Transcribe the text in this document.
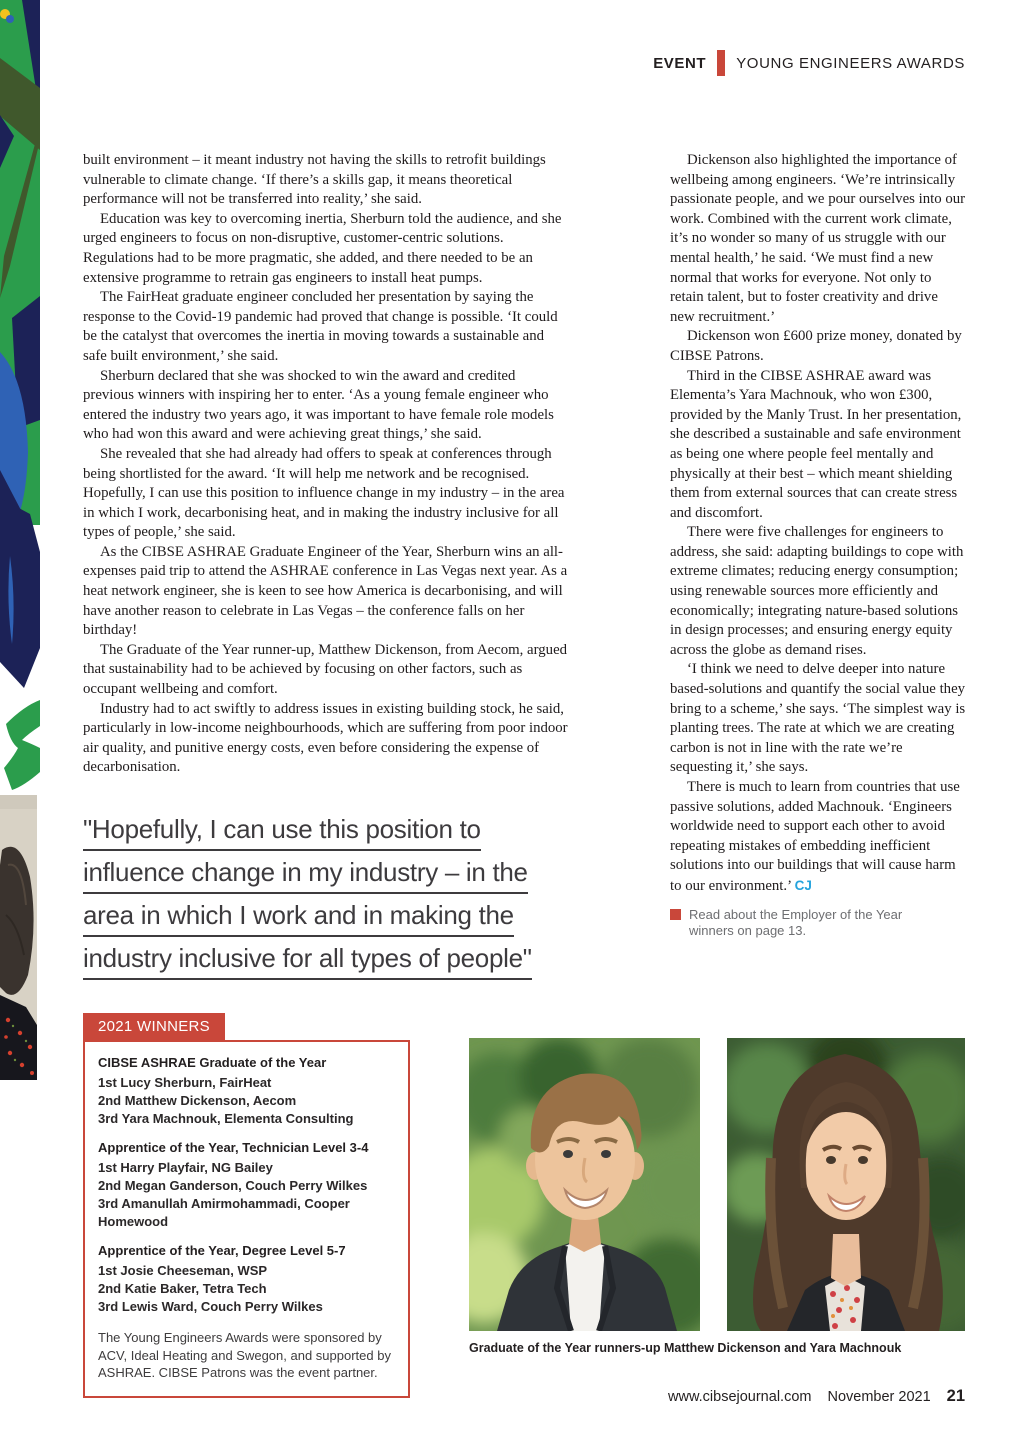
EVENT YOUNG ENGINEERS AWARDS

built environment – it meant industry not having the skills to retrofit buildings vulnerable to climate change. ‘If there’s a skills gap, it means theoretical performance will not be transferred into reality,’ she said.

Education was key to overcoming inertia, Sherburn told the audience, and she urged engineers to focus on non-disruptive, customer-centric solutions. Regulations had to be more pragmatic, she added, and there needed to be an extensive programme to retrain gas engineers to install heat pumps.

The FairHeat graduate engineer concluded her presentation by saying the response to the Covid-19 pandemic had proved that change is possible. ‘It could be the catalyst that overcomes the inertia in moving towards a sustainable and safe built environment,’ she said.

Sherburn declared that she was shocked to win the award and credited previous winners with inspiring her to enter. ‘As a young female engineer who entered the industry two years ago, it was important to have female role models who had won this award and were achieving great things,’ she said.

She revealed that she had already had offers to speak at conferences through being shortlisted for the award. ‘It will help me network and be recognised. Hopefully, I can use this position to influence change in my industry – in the area in which I work, decarbonising heat, and in making the industry inclusive for all types of people,’ she said.

As the CIBSE ASHRAE Graduate Engineer of the Year, Sherburn wins an all-expenses paid trip to attend the ASHRAE conference in Las Vegas next year. As a heat network engineer, she is keen to see how America is decarbonising, and will have another reason to celebrate in Las Vegas – the conference falls on her birthday!

The Graduate of the Year runner-up, Matthew Dickenson, from Aecom, argued that sustainability had to be achieved by focusing on other factors, such as occupant wellbeing and comfort.

Industry had to act swiftly to address issues in existing building stock, he said, particularly in low-income neighbourhoods, which are suffering from poor indoor air quality, and punitive energy costs, even before considering the expense of decarbonisation.

Dickenson also highlighted the importance of wellbeing among engineers. ‘We’re intrinsically passionate people, and we pour ourselves into our work. Combined with the current work climate, it’s no wonder so many of us struggle with our mental health,’ he said. ‘We must find a new normal that works for everyone. Not only to retain talent, but to foster creativity and drive new recruitment.’

Dickenson won £600 prize money, donated by CIBSE Patrons.

Third in the CIBSE ASHRAE award was Elementa’s Yara Machnouk, who won £300, provided by the Manly Trust. In her presentation, she described a sustainable and safe environment as being one where people feel mentally and physically at their best – which meant shielding them from external sources that can create stress and discomfort.

There were five challenges for engineers to address, she said: adapting buildings to cope with extreme climates; reducing energy consumption; using renewable sources more efficiently and economically; integrating nature-based solutions in design processes; and ensuring energy equity across the globe as demand rises.

‘I think we need to delve deeper into nature based-solutions and quantify the social value they bring to a scheme,’ she says. ‘The simplest way is planting trees. The rate at which we are creating carbon is not in line with the rate we’re sequesting it,’ she says.

There is much to learn from countries that use passive solutions, added Machnouk. ‘Engineers worldwide need to support each other to avoid repeating mistakes of embedding inefficient solutions into our buildings that will cause harm to our environment.’ CJ

Read about the Employer of the Year winners on page 13.
"Hopefully, I can use this position to
influence change in my industry – in the
area in which I work and in making the
industry inclusive for all types of people"
2021 WINNERS
CIBSE ASHRAE Graduate of the Year
1st Lucy Sherburn, FairHeat
2nd Matthew Dickenson, Aecom
3rd Yara Machnouk, Elementa Consulting
Apprentice of the Year, Technician Level 3-4
1st Harry Playfair, NG Bailey
2nd Megan Ganderson, Couch Perry Wilkes
3rd Amanullah Amirmohammadi, Cooper Homewood
Apprentice of the Year, Degree Level 5-7
1st Josie Cheeseman, WSP
2nd Katie Baker, Tetra Tech
3rd Lewis Ward, Couch Perry Wilkes
The Young Engineers Awards were sponsored by ACV, Ideal Heating and Swegon, and supported by ASHRAE. CIBSE Patrons was the event partner.
Graduate of the Year runners-up Matthew Dickenson and Yara Machnouk
www.cibsejournal.com November 2021 21
